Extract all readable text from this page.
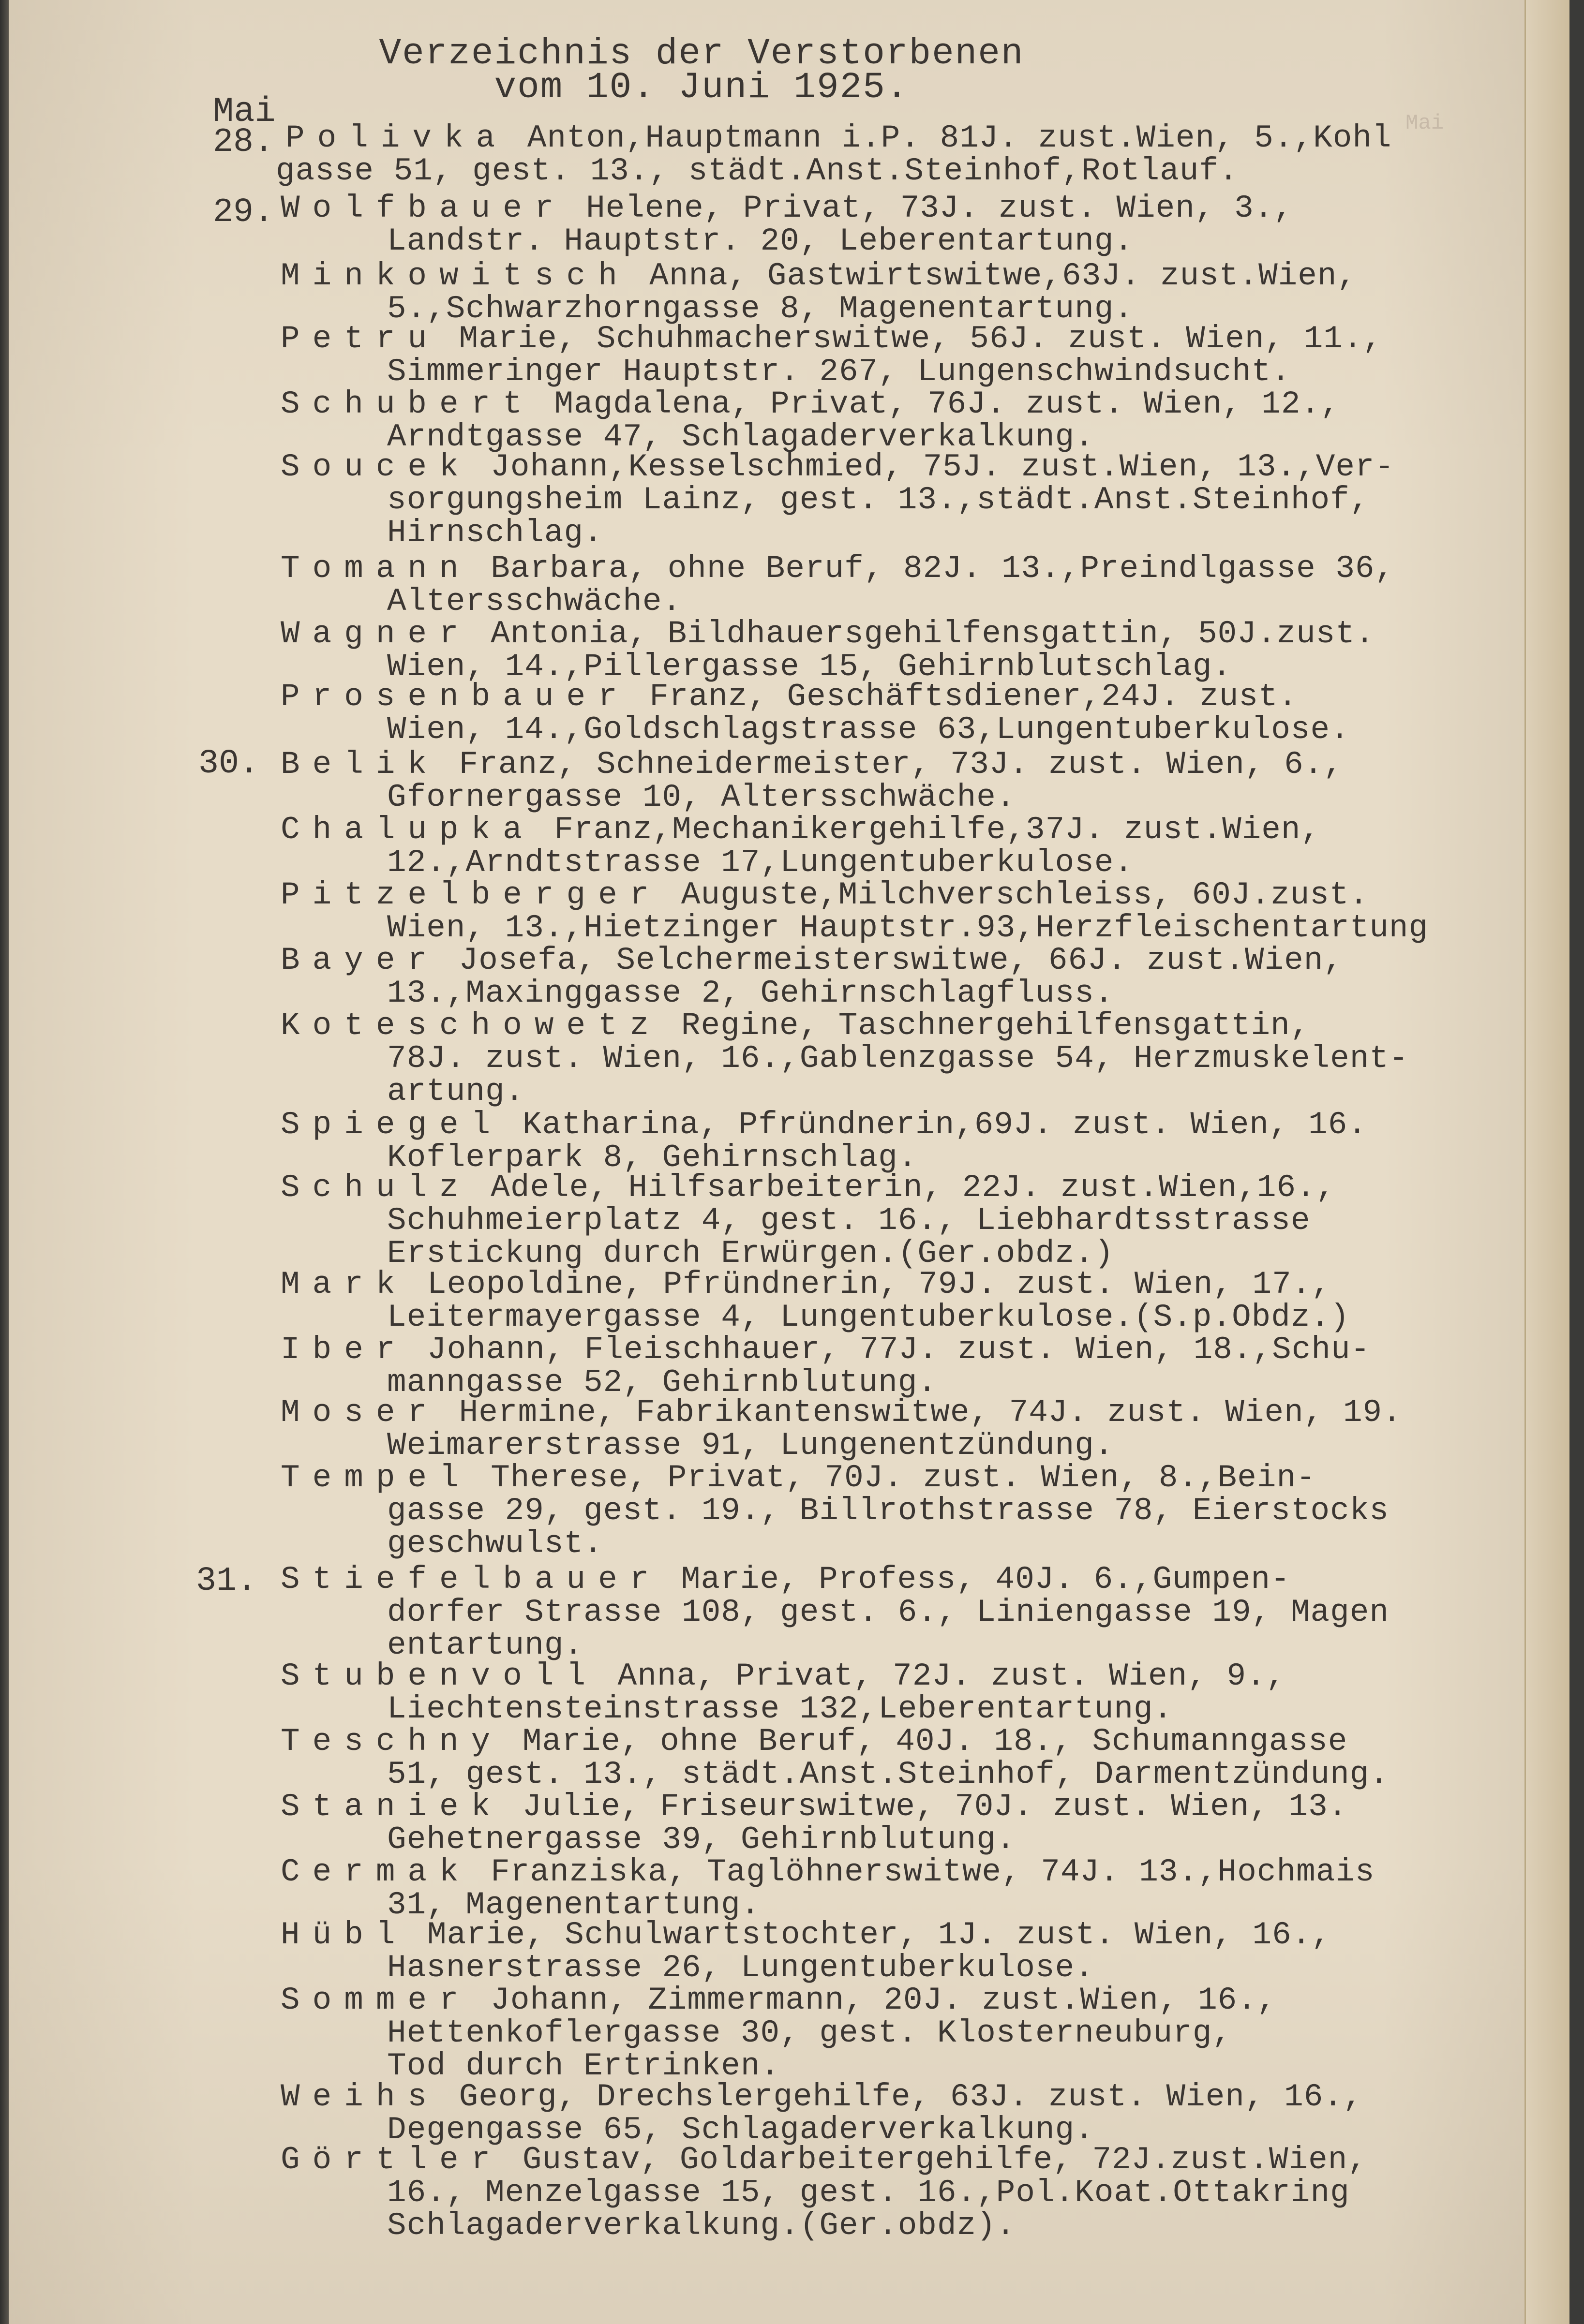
Verzeichnis der Verstorbenen
vom 10. Juni 1925.
Mai	Mai
28.
29.
30.
31.
Polivka Anton,Hauptmann i.P. 81J. zust.Wien, 5.,Kohl
gasse 51, gest. 13., städt.Anst.Steinhof,Rotlauf.
Wolfbauer Helene, Privat, 73J. zust. Wien, 3.,
Landstr. Hauptstr. 20, Leberentartung.
Minkowitsch Anna, Gastwirtswitwe,63J. zust.Wien,
5.,Schwarzhorngasse 8, Magenentartung.
Petru Marie, Schuhmacherswitwe, 56J. zust. Wien, 11.,
Simmeringer Hauptstr. 267, Lungenschwindsucht.
Schubert Magdalena, Privat, 76J. zust. Wien, 12.,
Arndtgasse 47, Schlagaderverkalkung.
Soucek Johann,Kesselschmied, 75J. zust.Wien, 13.,Ver-
sorgungsheim Lainz, gest. 13.,städt.Anst.Steinhof,
Hirnschlag.
Tomann Barbara, ohne Beruf, 82J. 13.,Preindlgasse 36,
Altersschwäche.
Wagner Antonia, Bildhauersgehilfensgattin, 50J.zust.
Wien, 14.,Pillergasse 15, Gehirnblutschlag.
Prosenbauer Franz, Geschäftsdiener,24J. zust.
Wien, 14.,Goldschlagstrasse 63,Lungentuberkulose.
Belik Franz, Schneidermeister, 73J. zust. Wien, 6.,
Gfornergasse 10, Altersschwäche.
Chalupka Franz,Mechanikergehilfe,37J. zust.Wien,
12.,Arndtstrasse 17,Lungentuberkulose.
Pitzelberger Auguste,Milchverschleiss, 60J.zust.
Wien, 13.,Hietzinger Hauptstr.93,Herzfleischentartung
Bayer Josefa, Selchermeisterswitwe, 66J. zust.Wien,
13.,Maxinggasse 2, Gehirnschlagfluss.
Koteschowetz Regine, Taschnergehilfensgattin,
78J. zust. Wien, 16.,Gablenzgasse 54, Herzmuskelent-
artung.
Spiegel Katharina, Pfründnerin,69J. zust. Wien, 16.
Koflerpark 8, Gehirnschlag.
Schulz Adele, Hilfsarbeiterin, 22J. zust.Wien,16.,
Schuhmeierplatz 4, gest. 16., Liebhardtsstrasse
Erstickung durch Erwürgen.(Ger.obdz.)
Mark Leopoldine, Pfründnerin, 79J. zust. Wien, 17.,
Leitermayergasse 4, Lungentuberkulose.(S.p.Obdz.)
Iber Johann, Fleischhauer, 77J. zust. Wien, 18.,Schu-
manngasse 52, Gehirnblutung.
Moser Hermine, Fabrikantenswitwe, 74J. zust. Wien, 19.
Weimarerstrasse 91, Lungenentzündung.
Tempel Therese, Privat, 70J. zust. Wien, 8.,Bein-
gasse 29, gest. 19., Billrothstrasse 78, Eierstocks
geschwulst.
Stiefelbauer Marie, Profess, 40J. 6.,Gumpen-
dorfer Strasse 108, gest. 6., Liniengasse 19, Magen
entartung.
Stubenvoll Anna, Privat, 72J. zust. Wien, 9.,
Liechtensteinstrasse 132,Leberentartung.
Teschny Marie, ohne Beruf, 40J. 18., Schumanngasse
51, gest. 13., städt.Anst.Steinhof, Darmentzündung.
Staniek Julie, Friseurswitwe, 70J. zust. Wien, 13.
Gehetnergasse 39, Gehirnblutung.
Cermak Franziska, Taglöhnerswitwe, 74J. 13.,Hochmais
31, Magenentartung.
Hübl Marie, Schulwartstochter, 1J. zust. Wien, 16.,
Hasnerstrasse 26, Lungentuberkulose.
Sommer Johann, Zimmermann, 20J. zust.Wien, 16.,
Hettenkoflergasse 30, gest. Klosterneuburg,
Tod durch Ertrinken.
Weihs Georg, Drechslergehilfe, 63J. zust. Wien, 16.,
Degengasse 65, Schlagaderverkalkung.
Görtler Gustav, Goldarbeitergehilfe, 72J.zust.Wien,
16., Menzelgasse 15, gest. 16.,Pol.Koat.Ottakring
Schlagaderverkalkung.(Ger.obdz).
